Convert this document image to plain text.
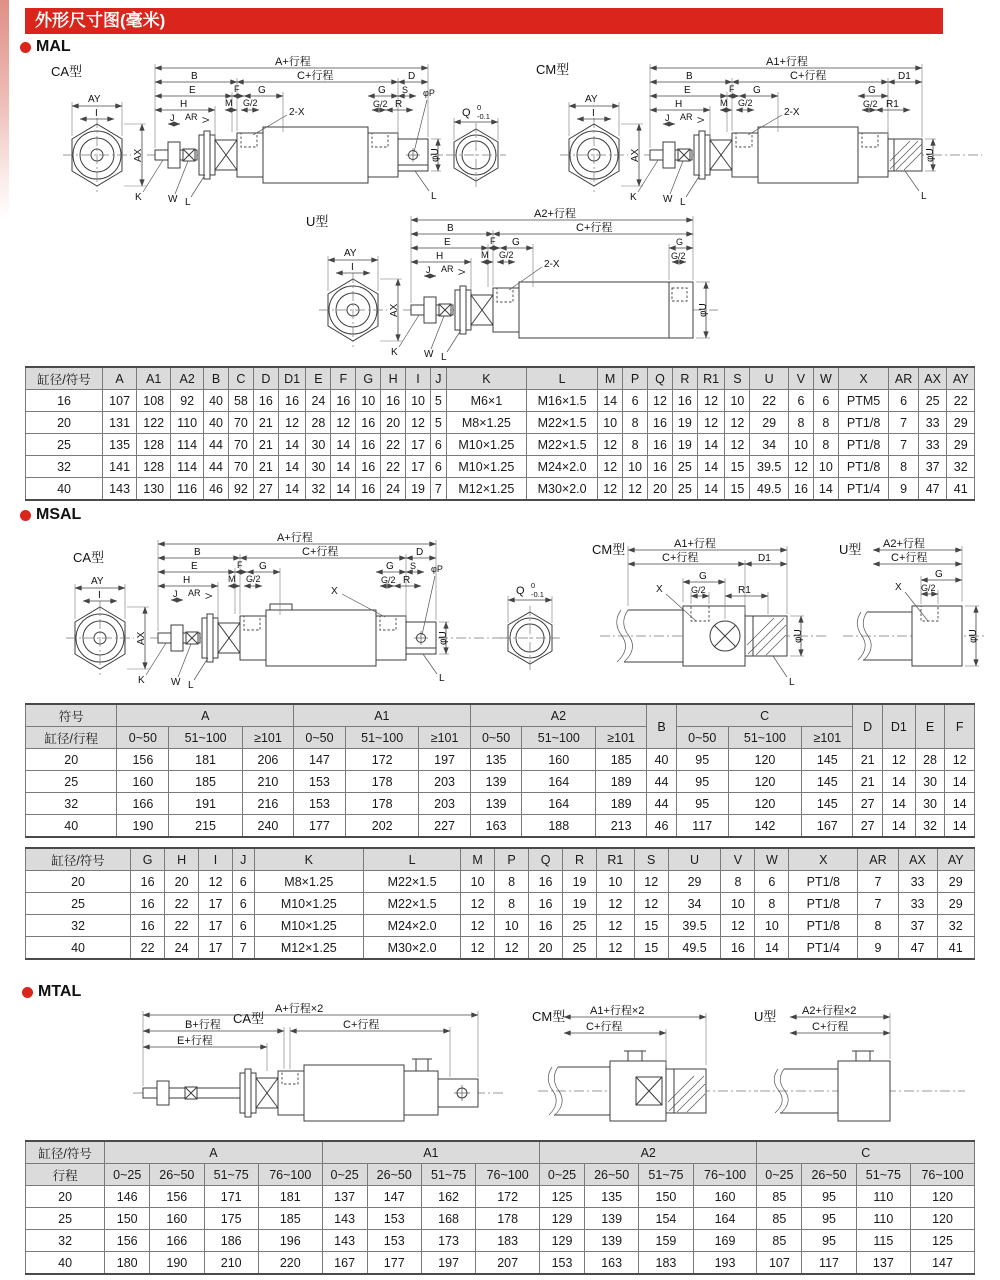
外形尺寸图(毫米)
MAL
CA型
AY
I
AX
A+行程
B	C+行程	D
E	F G	G S φP
H	M G/2
2-X
G/2 R
J AR V
K	W L
L
Q 0
-0.1
φU
CM型
AY
I
AX
A1+行程
B	C+行程	D1
E	F G	G
H	M G/2
2-X
G/2 R1
J AR V
K	W L
L
φU
U型
AY
I
AX
A2+行程
B	C+行程
E	F G	G
H	M G/2	G/2
2-X
J AR V
K	W L
φU
缸径/符号	A	A1	A2	B	C	D	D1	E	F	G	H	I	J	K	L	M	P	Q	R	R1	S	U	V	W	X	AR	AX	AY
16	107	108	92	40	58	16	16	24	16	10	16	10	5	M6×1	M16×1.5	14	6	12	16	12	10	22	6	6	PTM5	6	25	22
20	131	122	110	40	70	21	12	28	12	16	20	12	5	M8×1.25	M22×1.5	10	8	16	19	12	12	29	8	8	PT1/8	7	33	29
25	135	128	114	44	70	21	14	30	14	16	22	17	6	M10×1.25	M22×1.5	12	8	16	19	14	12	34	10	8	PT1/8	7	33	29
32	141	128	114	44	70	21	14	30	14	16	22	17	6	M10×1.25	M24×2.0	12	10	16	25	14	15	39.5	12	10	PT1/8	8	37	32
40	143	130	116	46	92	27	14	32	14	16	24	19	7	M12×1.25	M30×2.0	12	12	20	25	14	15	49.5	16	14	PT1/4	9	47	41
MSAL
CA型
AY
I
AX
A+行程
B	C+行程	D
E	F G	G S φP
H	M G/2
X
G/2 R
J AR V
K	W L
L
φU
Q 0
-0.1
CM型	A1+行程
C+行程	D1
G
G/2	R1
X
L
φU
U型 A2+行程
C+行程
G
G/2
X
φU
符号	A			A1			A2			B	C			D	D1	E	F
缸径/行程	0~50	51~100	≥101	0~50	51~100	≥101	0~50	51~100	≥101		0~50	51~100	≥101				
20	156	181	206	147	172	197	135	160	185	40	95	120	145	21	12	28	12
25	160	185	210	153	178	203	139	164	189	44	95	120	145	21	14	30	14
32	166	191	216	153	178	203	139	164	189	44	95	120	145	27	14	30	14
40	190	215	240	177	202	227	163	188	213	46	117	142	167	27	14	32	14
缸径/符号	G	H	I	J	K	L	M	P	Q	R	R1	S	U	V	W	X	AR	AX	AY
20	16	20	12	6	M8×1.25	M22×1.5	10	8	16	19	10	12	29	8	6	PT1/8	7	33	29
25	16	22	17	6	M10×1.25	M22×1.5	12	8	16	19	12	12	34	10	8	PT1/8	7	33	29
32	16	22	17	6	M10×1.25	M24×2.0	12	10	16	25	12	15	39.5	12	10	PT1/8	8	37	32
40	22	24	17	7	M12×1.25	M30×2.0	12	12	20	25	12	15	49.5	16	14	PT1/4	9	47	41
MTAL
CA型
A+行程×2
B+行程	C+行程
E+行程
CM型 A1+行程×2
C+行程
U型 A2+行程×2
C+行程
缸径/符号	A				A1				A2				C			
行程	0~25	26~50	51~75	76~100	0~25	26~50	51~75	76~100	0~25	26~50	51~75	76~100	0~25	26~50	51~75	76~100
20	146	156	171	181	137	147	162	172	125	135	150	160	85	95	110	120
25	150	160	175	185	143	153	168	178	129	139	154	164	85	95	110	120
32	156	166	186	196	143	153	173	183	129	139	159	169	85	95	115	125
40	180	190	210	220	167	177	197	207	153	163	183	193	107	117	137	147
